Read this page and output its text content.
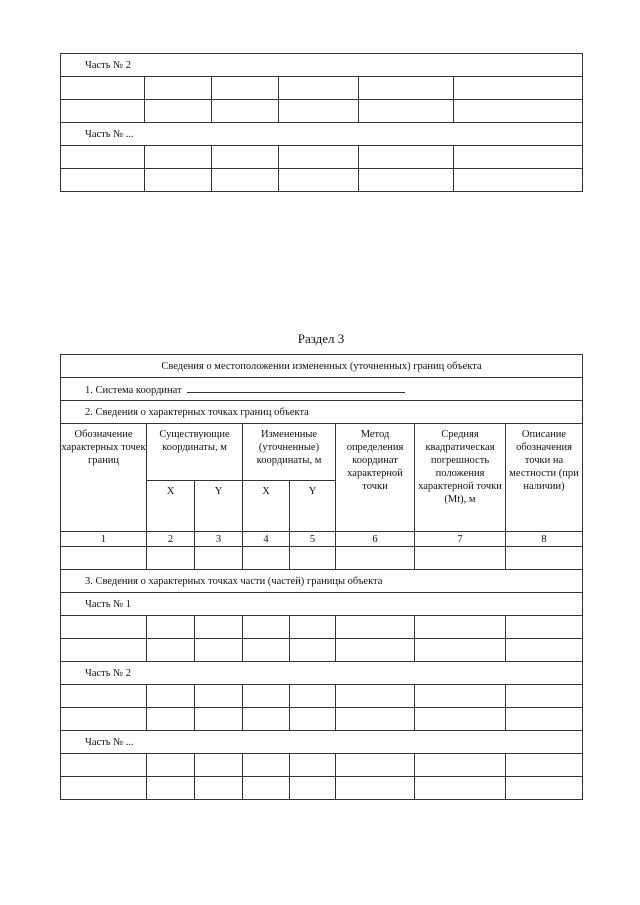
Часть № 2					

Часть № ...					

Раздел 3
Сведения о местоположении измененных (уточненных) границ объекта							
1. Система координат							
2. Сведения о характерных точках границ объекта							
Обозначение характерных точек границ	Существующие координаты, м		Измененные (уточненные) координаты, м		Метод определения координат характерной точки	Средняя квадратическая погрешность положения характерной точки (Mt), м	Описание обозначения точки на местности (при наличии)
	X	Y	X	Y			
1	2	3	4	5	6	7	8

3. Сведения о характерных точках части (частей) границы объекта							
Часть № 1							

Часть № 2							

Часть № ...							
